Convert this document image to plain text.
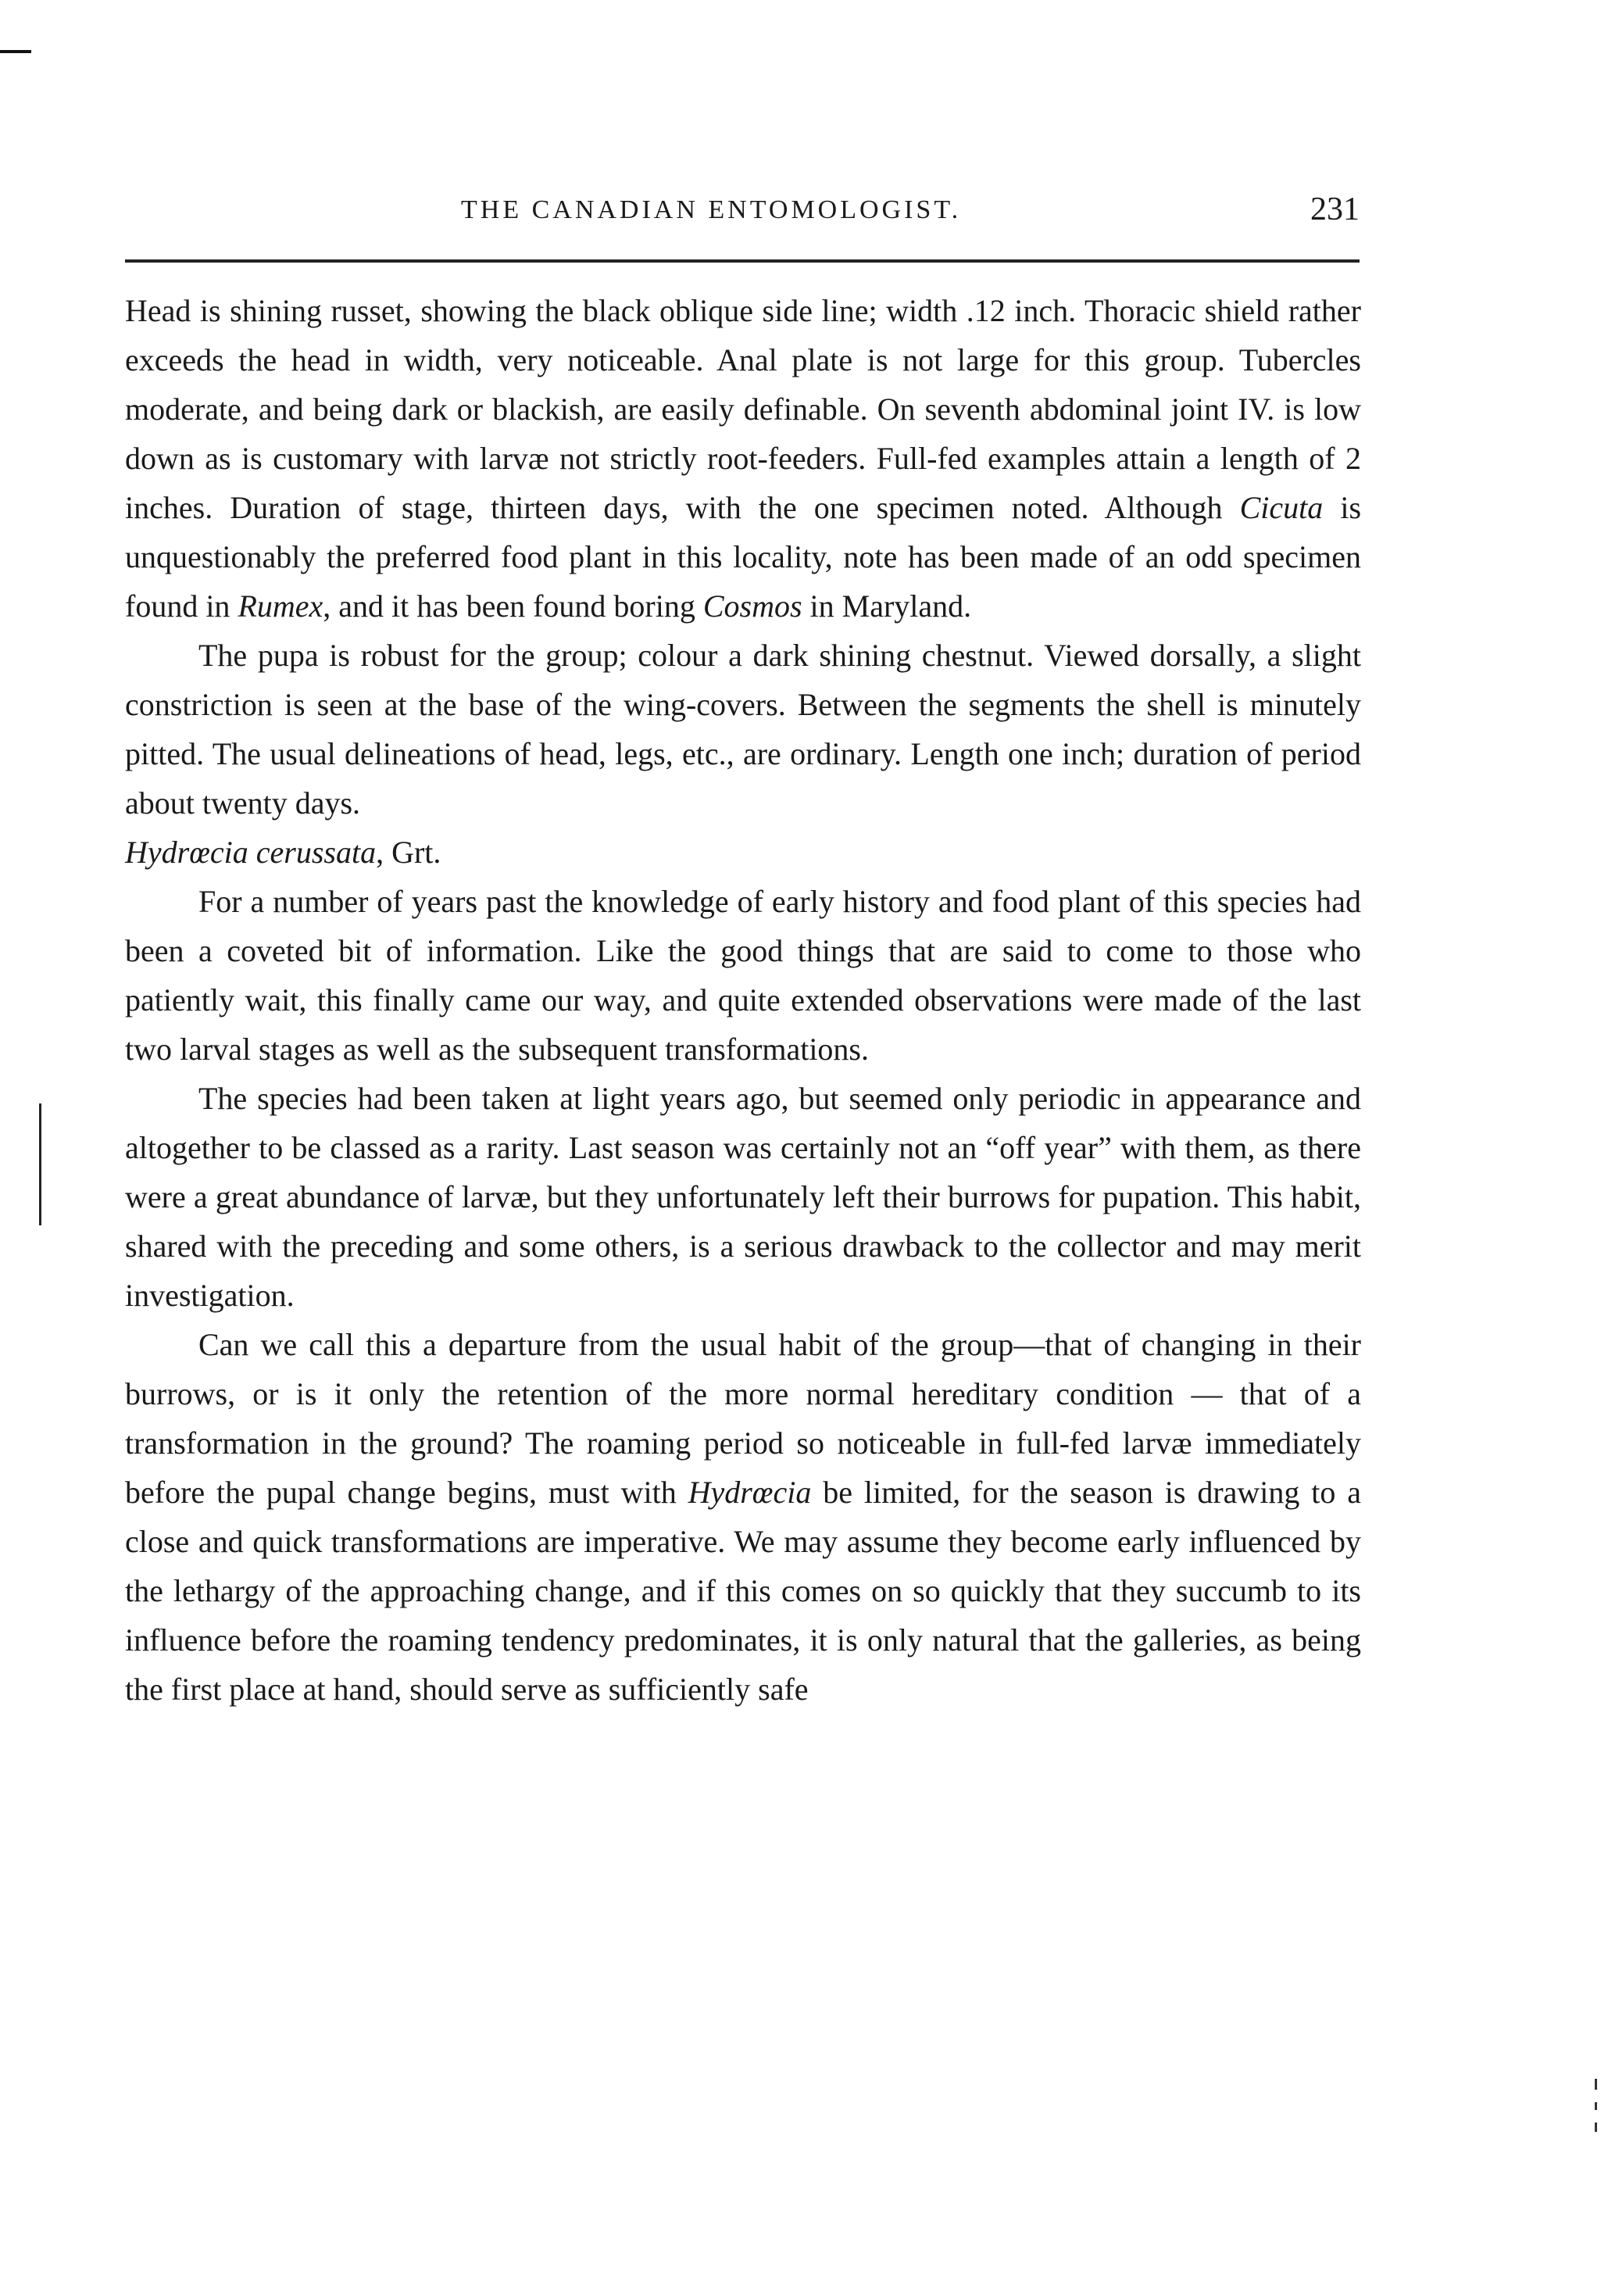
THE CANADIAN ENTOMOLOGIST.	231

Head is shining russet, showing the black oblique side line; width .12 inch. Thoracic shield rather exceeds the head in width, very noticeable. Anal plate is not large for this group. Tubercles moderate, and being dark or blackish, are easily definable. On seventh abdominal joint IV. is low down as is customary with larvæ not strictly root-feeders. Full-fed examples attain a length of 2 inches. Duration of stage, thirteen days, with the one specimen noted. Although Cicuta is unquestionably the preferred food plant in this locality, note has been made of an odd specimen found in Rumex, and it has been found boring Cosmos in Maryland.

The pupa is robust for the group; colour a dark shining chestnut. Viewed dorsally, a slight constriction is seen at the base of the wing-covers. Between the segments the shell is minutely pitted. The usual delineations of head, legs, etc., are ordinary. Length one inch; duration of period about twenty days.

Hydrœcia cerussata, Grt.

For a number of years past the knowledge of early history and food plant of this species had been a coveted bit of information. Like the good things that are said to come to those who patiently wait, this finally came our way, and quite extended observations were made of the last two larval stages as well as the subsequent transformations.

The species had been taken at light years ago, but seemed only periodic in appearance and altogether to be classed as a rarity. Last season was certainly not an “off year” with them, as there were a great abundance of larvæ, but they unfortunately left their burrows for pupation. This habit, shared with the preceding and some others, is a serious drawback to the collector and may merit investigation.

Can we call this a departure from the usual habit of the group—that of changing in their burrows, or is it only the retention of the more normal hereditary condition — that of a transformation in the ground? The roaming period so noticeable in full-fed larvæ immediately before the pupal change begins, must with Hydrœcia be limited, for the season is drawing to a close and quick transformations are imperative. We may assume they become early influenced by the lethargy of the approaching change, and if this comes on so quickly that they succumb to its influence before the roaming tendency predominates, it is only natural that the galleries, as being the first place at hand, should serve as sufficiently safe
